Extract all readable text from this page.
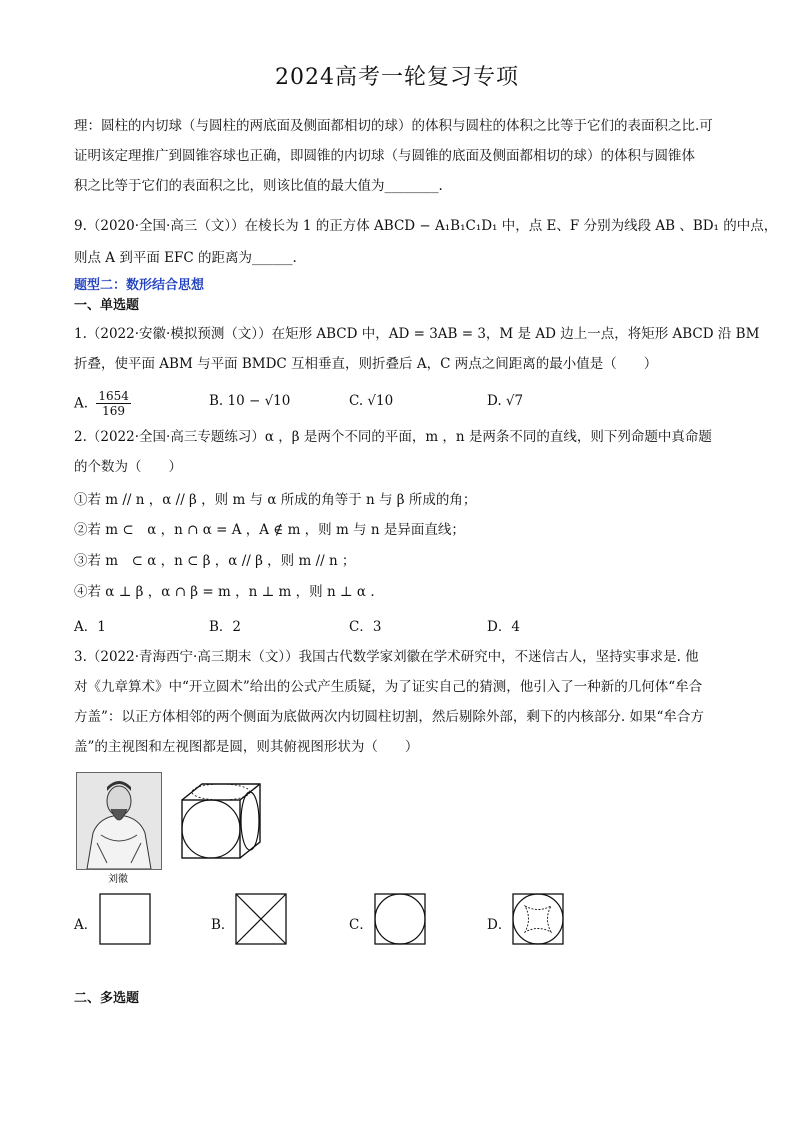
2024高考一轮复习专项
理：圆柱的内切球（与圆柱的两底面及侧面都相切的球）的体积与圆柱的体积之比等于它们的表面积之比.可
证明该定理推广到圆锥容球也正确，即圆锥的内切球（与圆锥的底面及侧面都相切的球）的体积与圆锥体
积之比等于它们的表面积之比，则该比值的最大值为________.
9.（2020·全国·高三（文））在棱长为 1 的正方体 ABCD − A₁B₁C₁D₁ 中，点 E、F 分别为线段 AB 、BD₁ 的中点，
则点 A 到平面 EFC 的距离为______.
题型二：数形结合思想
一、单选题
1.（2022·安徽·模拟预测（文））在矩形 ABCD 中，AD = 3AB = 3，M 是 AD 边上一点，将矩形 ABCD 沿 BM
折叠，使平面 ABM 与平面 BMDC 互相垂直，则折叠后 A，C 两点之间距离的最小值是（　　）
A. $\frac{1654}{169}$	B. 10 − √10	C. √10	D. √7
2.（2022·全国·高三专题练习）α ，β 是两个不同的平面，m ，n 是两条不同的直线，则下列命题中真命题
的个数为（　　）
①若 m // n ，α // β ，则 m 与 α 所成的角等于 n 与 β 所成的角；
②若 m ⊂　α ，n ∩ α = A ，A ∉ m ，则 m 与 n 是异面直线；
③若 m　⊂ α ，n ⊂ β ，α // β ，则 m // n ；
④若 α ⊥ β ，α ∩ β = m ，n ⊥ m ，则 n ⊥ α .
A．1	B．2	C．3	D．4
3.（2022·青海西宁·高三期末（文））我国古代数学家刘徽在学术研究中，不迷信古人，坚持实事求是. 他
对《九章算术》中“开立圆术”给出的公式产生质疑，为了证实自己的猜测，他引入了一种新的几何体“牟合
方盖”：以正方体相邻的两个侧面为底做两次内切圆柱切割，然后剔除外部，剩下的内核部分. 如果“牟合方
盖”的主视图和左视图都是圆，则其俯视图形状为（　　）
刘徽
A．	B．	C．	D．
二、多选题
